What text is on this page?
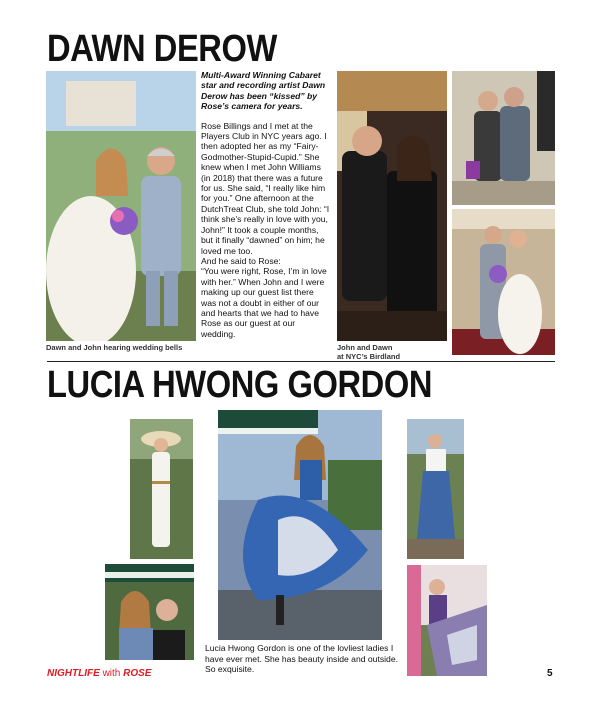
DAWN DEROW
Dawn and John hearing wedding bells

Multi-Award Winning Cabaret star and recording artist Dawn Derow has been “kissed” by Rose’s camera for years.

Rose Billings and I met at the Players Club in NYC years ago. I then adopted her as my “Fairy-Godmother-Stupid-Cupid.” She knew when I met John Williams (in 2018) that there was a future for us. She said, “I really like him for you.” One afternoon at the DutchTreat Club, she told John: “I think she’s really in love with you, John!” It took a couple months, but it finally “dawned” on him; he loved me too.
And he said to Rose:
“You were right, Rose, I’m in love with her.” When John and I were making up our guest list there was not a doubt in either of our and hearts that we had to have Rose as our guest at our wedding.

John and Dawn
at NYC’s Birdland
LUCIA HWONG GORDON
Lucia Hwong Gordon is one of the lovliest ladies I have ever met. She has beauty inside and outside. So exquisite.
NIGHTLIFE with ROSE	5
